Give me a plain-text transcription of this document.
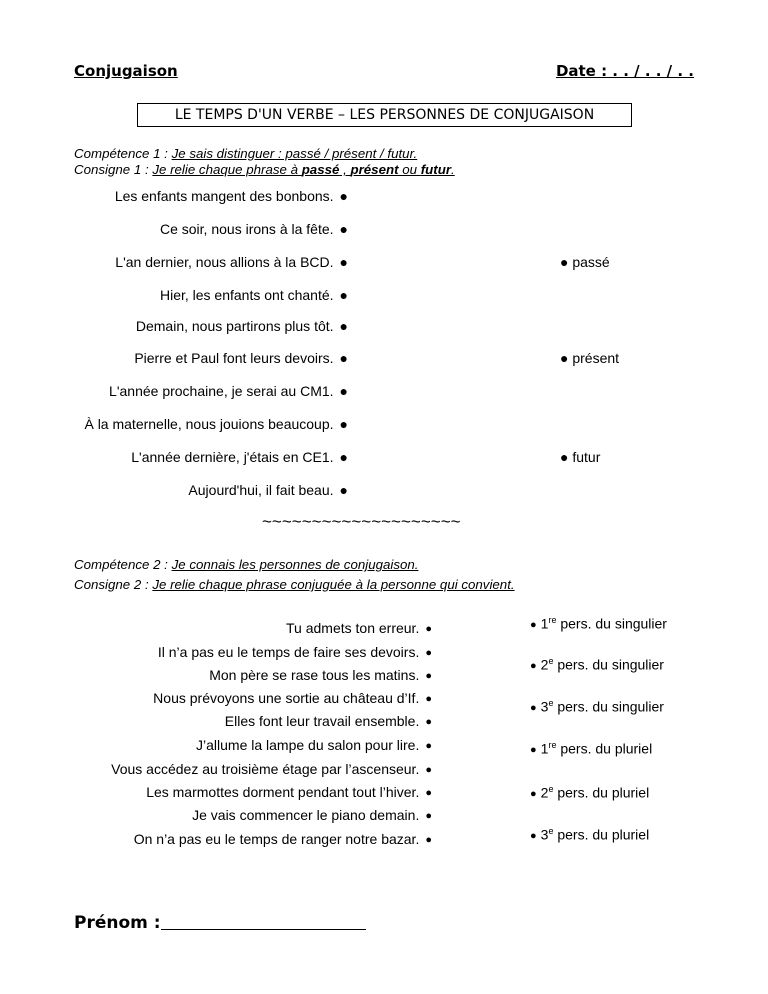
Conjugaison	Date : . . / . . / . .
LE TEMPS D'UN VERBE – LES PERSONNES DE CONJUGAISON
Compétence 1 : Je sais distinguer : passé / présent / futur.
Consigne 1 : Je relie chaque phrase à passé , présent ou futur.
Les enfants mangent des bonbons. ●
Ce soir, nous irons à la fête. ●
L'an dernier, nous allions à la BCD. ●
Hier, les enfants ont chanté. ●
Demain, nous partirons plus tôt. ●
Pierre et Paul font leurs devoirs. ●
L'année prochaine, je serai au CM1. ●
À la maternelle, nous jouions beaucoup. ●
L'année dernière, j'étais en CE1. ●
Aujourd'hui, il fait beau. ●
● passé
● présent
● futur
~~~~~~~~~~~~~~~~~~~~
Compétence 2 : Je connais les personnes de conjugaison.
Consigne 2 : Je relie chaque phrase conjuguée à la personne qui convient.
Tu admets ton erreur. ●
Il n’a pas eu le temps de faire ses devoirs. ●
Mon père se rase tous les matins. ●
Nous prévoyons une sortie au château d’If. ●
Elles font leur travail ensemble. ●
J’allume la lampe du salon pour lire. ●
Vous accédez au troisième étage par l’ascenseur. ●
Les marmottes dorment pendant tout l’hiver. ●
Je vais commencer le piano demain. ●
On n’a pas eu le temps de ranger notre bazar. ●
● 1re pers. du singulier
● 2e pers. du singulier
● 3e pers. du singulier
● 1re pers. du pluriel
● 2e pers. du pluriel
● 3e pers. du pluriel
Prénom :
